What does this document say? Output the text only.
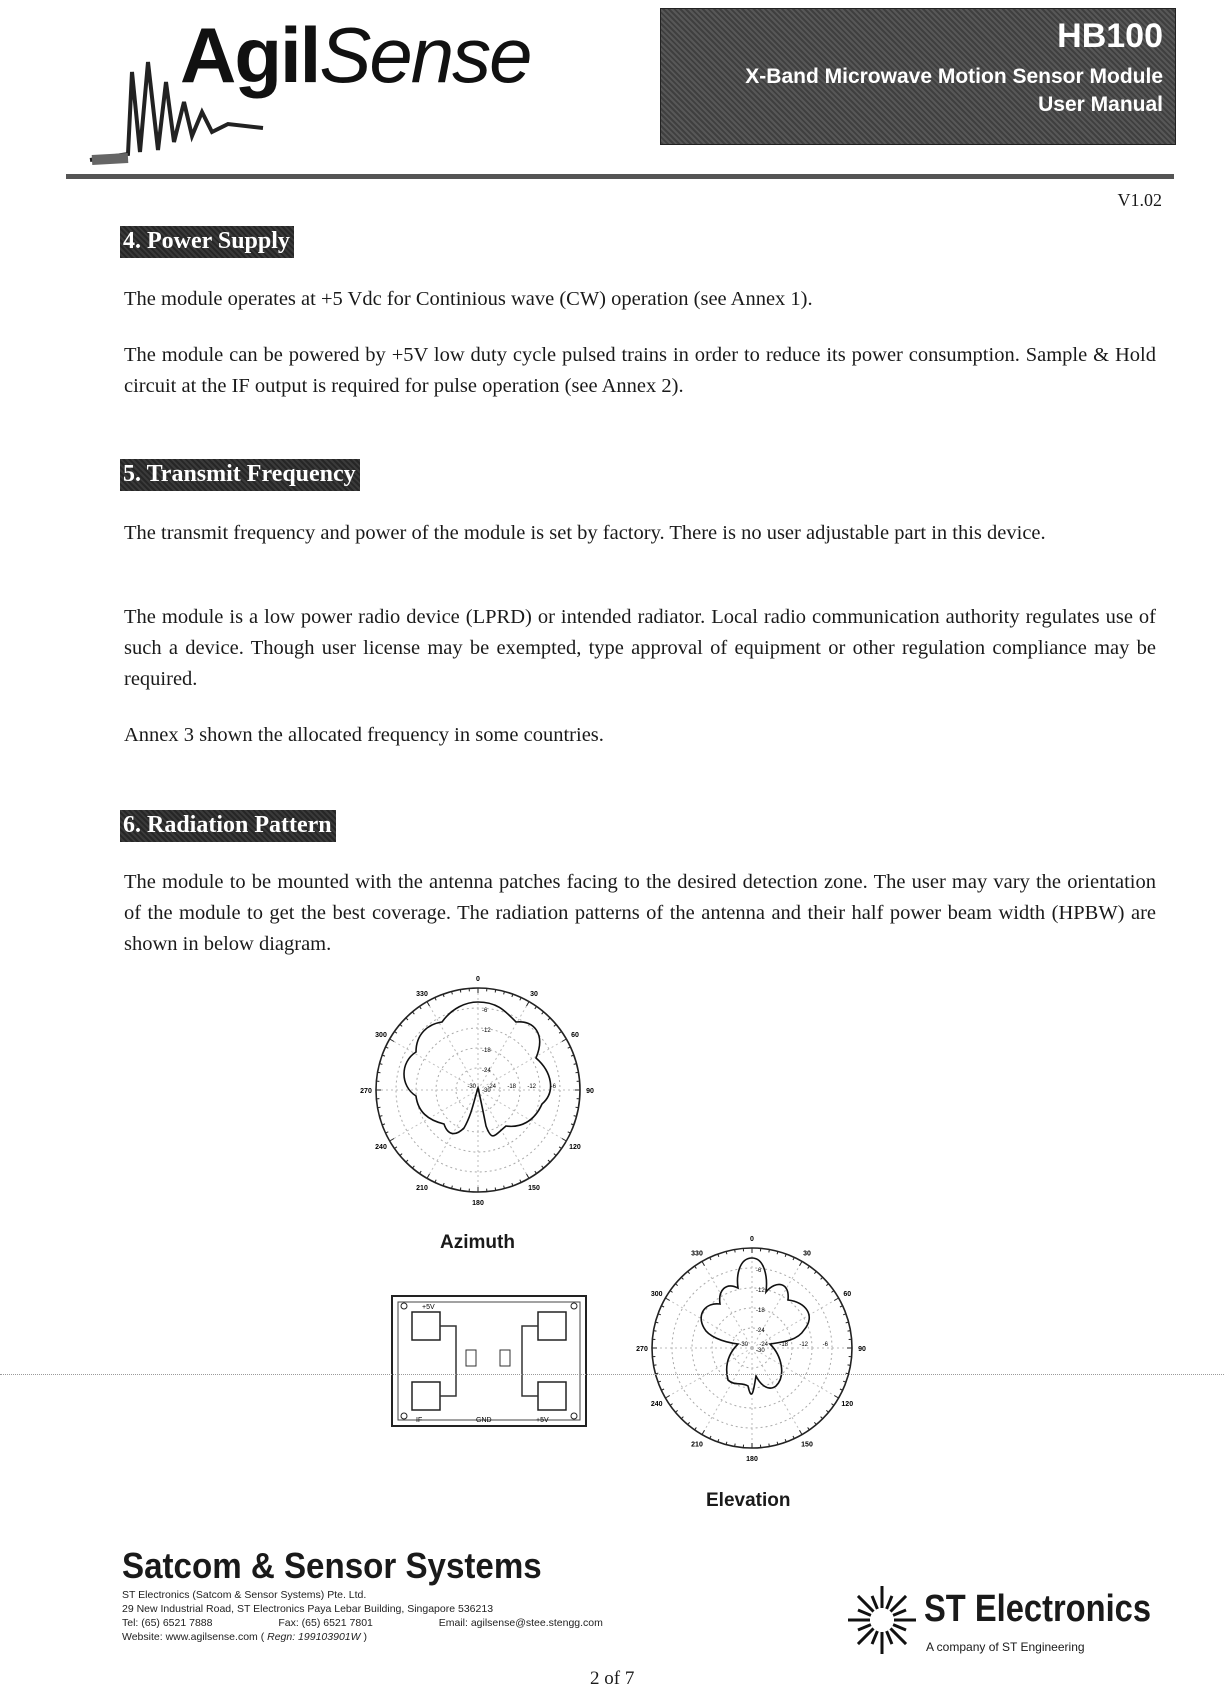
AgilSense	HB100
X-Band Microwave Motion Sensor Module
User Manual
V1.02
4. Power Supply
The module operates at +5 Vdc for Continious wave (CW) operation (see Annex 1).
The module can be powered by +5V low duty cycle pulsed trains in order to reduce its power consumption. Sample & Hold circuit at the IF output is required for pulse operation (see Annex 2).
5. Transmit Frequency
The transmit frequency and power of the module is set by factory. There is no user adjustable part in this device.
The module is a low power radio device (LPRD) or intended radiator. Local radio communication authority regulates use of such a device. Though user license may be exempted, type approval of equipment or other regulation compliance may be required.
Annex 3 shown the allocated frequency in some countries.
6. Radiation Pattern
The module to be mounted with the antenna patches facing to the desired detection zone. The user may vary the orientation of the module to get the best coverage. The radiation patterns of the antenna and their half power beam width (HPBW) are shown in below diagram.
0
30
60
90
120
150
180
210
240
270
300
330
-6
-6
-12
-12
-18
-18
-24
-24
-30
-30
Azimuth
+5V
IF	GND	+5V
0
30
60
90
120
150
180
210
240
270
300
330
-6
-6
-12
-12
-18
-18
-24
-24
-30
-30
Elevation
Satcom & Sensor Systems
ST Electronics (Satcom & Sensor Systems) Pte. Ltd.
29 New Industrial Road, ST Electronics Paya Lebar Building, Singapore 536213
Tel: (65) 6521 7888	Fax: (65) 6521 7801	Email: agilsense@stee.stengg.com
Website: www.agilsense.com ( Regn: 199103901W )
ST Electronics
A company of ST Engineering
2 of 7
